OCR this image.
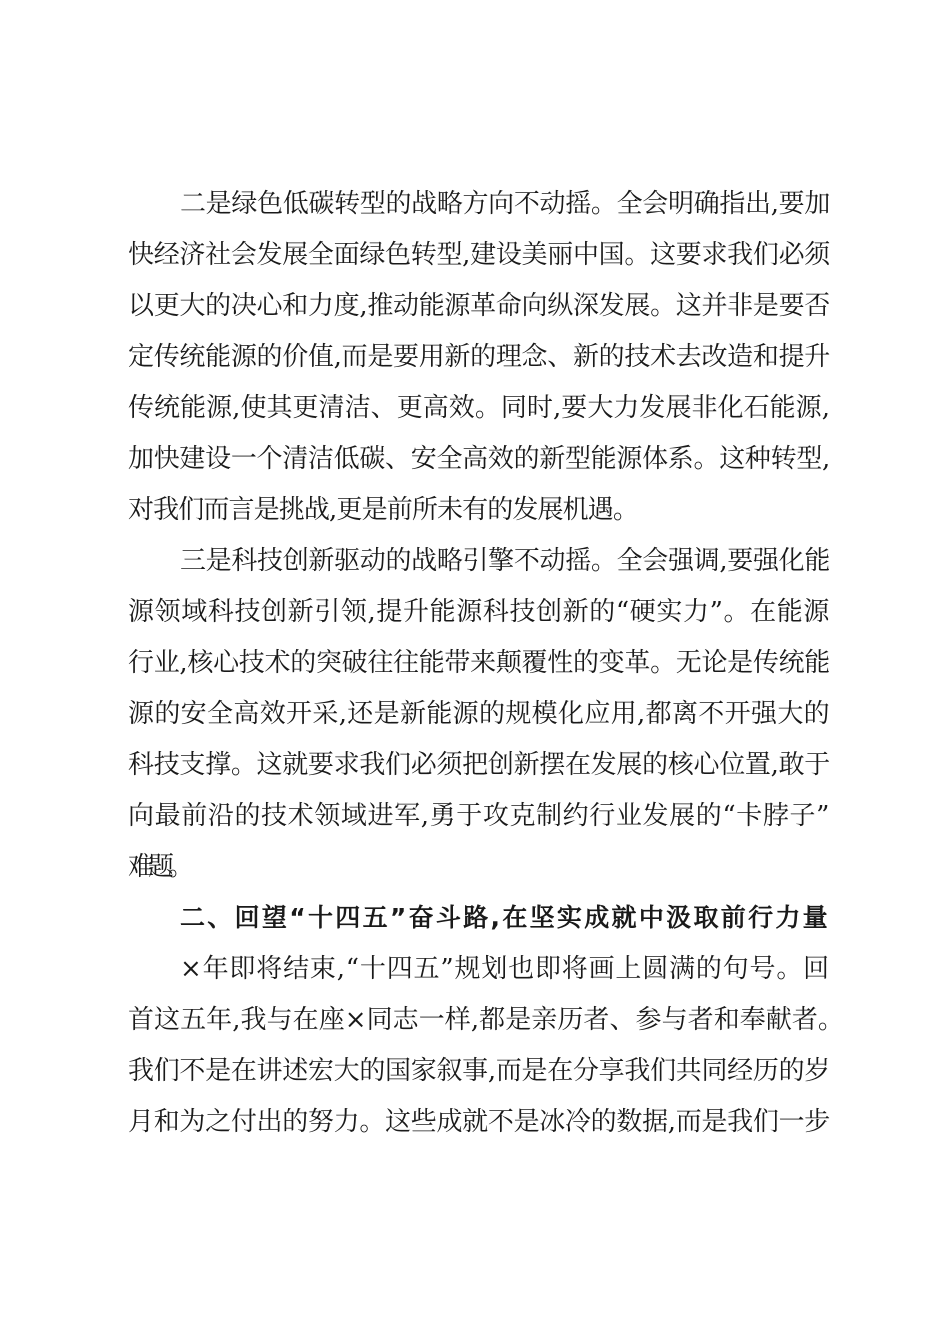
二是绿色低碳转型的战略方向不动摇。全会明确指出,要加
快经济社会发展全面绿色转型,建设美丽中国。这要求我们必须
以更大的决心和力度,推动能源革命向纵深发展。这并非是要否
定传统能源的价值,而是要用新的理念、新的技术去改造和提升
传统能源,使其更清洁、更高效。同时,要大力发展非化石能源,
加快建设一个清洁低碳、安全高效的新型能源体系。这种转型,
对我们而言是挑战,更是前所未有的发展机遇。
三是科技创新驱动的战略引擎不动摇。全会强调,要强化能
源领域科技创新引领,提升能源科技创新的“硬实力”。在能源
行业,核心技术的突破往往能带来颠覆性的变革。无论是传统能
源的安全高效开采,还是新能源的规模化应用,都离不开强大的
科技支撑。这就要求我们必须把创新摆在发展的核心位置,敢于
向最前沿的技术领域进军,勇于攻克制约行业发展的“卡脖子”
难题。
二、回望“十四五”奋斗路,在坚实成就中汲取前行力量
×年即将结束,“十四五”规划也即将画上圆满的句号。回
首这五年,我与在座×同志一样,都是亲历者、参与者和奉献者。
我们不是在讲述宏大的国家叙事,而是在分享我们共同经历的岁
月和为之付出的努力。这些成就不是冰冷的数据,而是我们一步
